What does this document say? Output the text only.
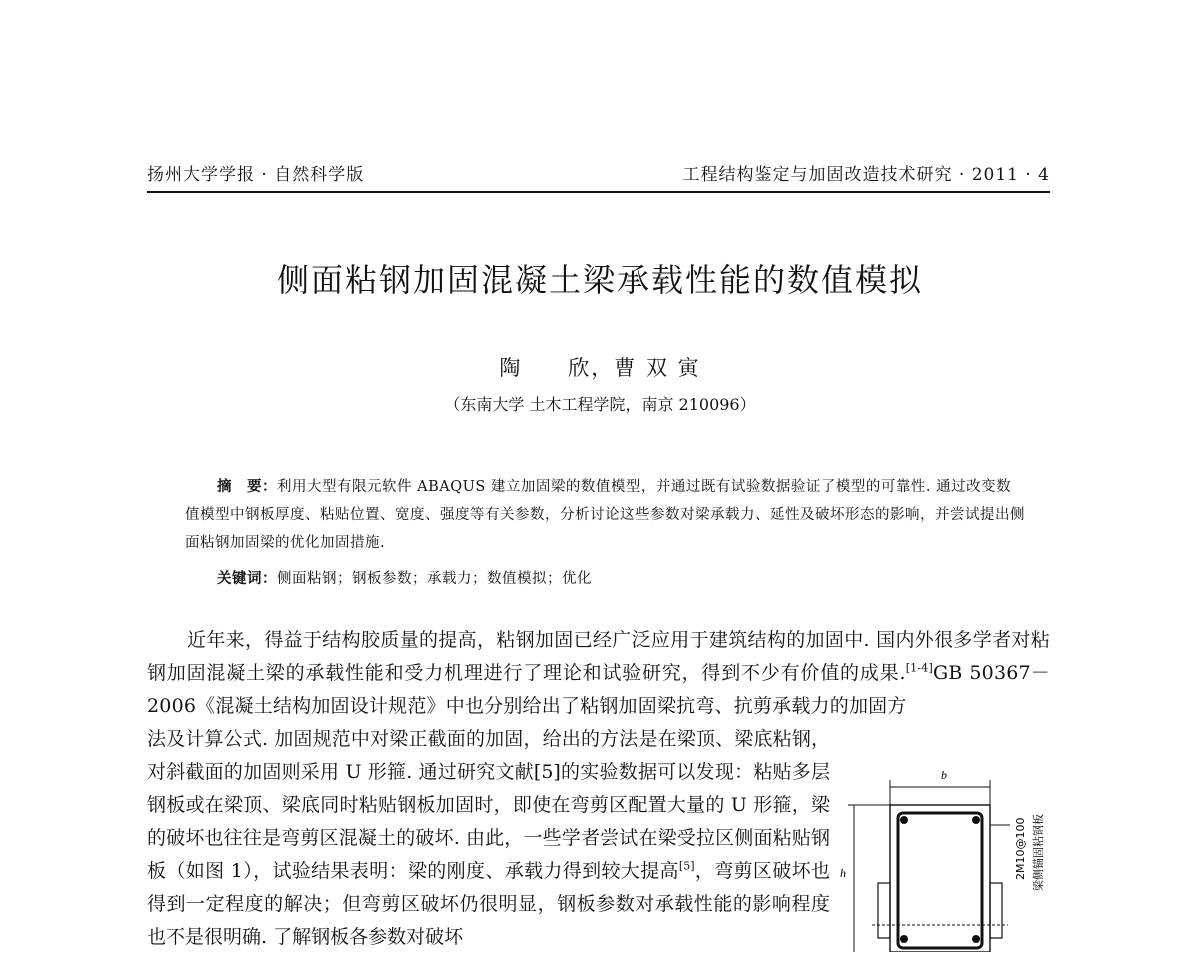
扬州大学学报 · 自然科学版	工程结构鉴定与加固改造技术研究 · 2011 · 4
侧面粘钢加固混凝土梁承载性能的数值模拟
陶　　欣，曹 双 寅
（东南大学 土木工程学院，南京 210096）
摘　要：利用大型有限元软件 ABAQUS 建立加固梁的数值模型，并通过既有试验数据验证了模型的可靠性. 通过改变数值模型中钢板厚度、粘贴位置、宽度、强度等有关参数，分析讨论这些参数对梁承载力、延性及破坏形态的影响，并尝试提出侧面粘钢加固梁的优化加固措施.
关键词：侧面粘钢；钢板参数；承载力；数值模拟；优化
近年来，得益于结构胶质量的提高，粘钢加固已经广泛应用于建筑结构的加固中. 国内外很多学者对粘钢加固混凝土梁的承载性能和受力机理进行了理论和试验研究，得到不少有价值的成果.[1-4]GB 50367－2006《混凝土结构加固设计规范》中也分别给出了粘钢加固梁抗弯、抗剪承载力的加固方
法及计算公式. 加固规范中对梁正截面的加固，给出的方法是在梁顶、梁底粘钢，对斜截面的加固则采用 U 形箍. 通过研究文献[5]的实验数据可以发现：粘贴多层钢板或在梁顶、梁底同时粘贴钢板加固时，即使在弯剪区配置大量的 U 形箍，梁的破坏也往往是弯剪区混凝土的破坏. 由此，一些学者尝试在梁受拉区侧面粘贴钢板（如图 1），试验结果表明：梁的刚度、承载力得到较大提高[5]，弯剪区破坏也得到一定程度的解决；但弯剪区破坏仍很明显，钢板参数对承载性能的影响程度也不是很明确. 了解钢板各参数对破坏
b
h	2M10@100 梁侧锚固粘钢板
